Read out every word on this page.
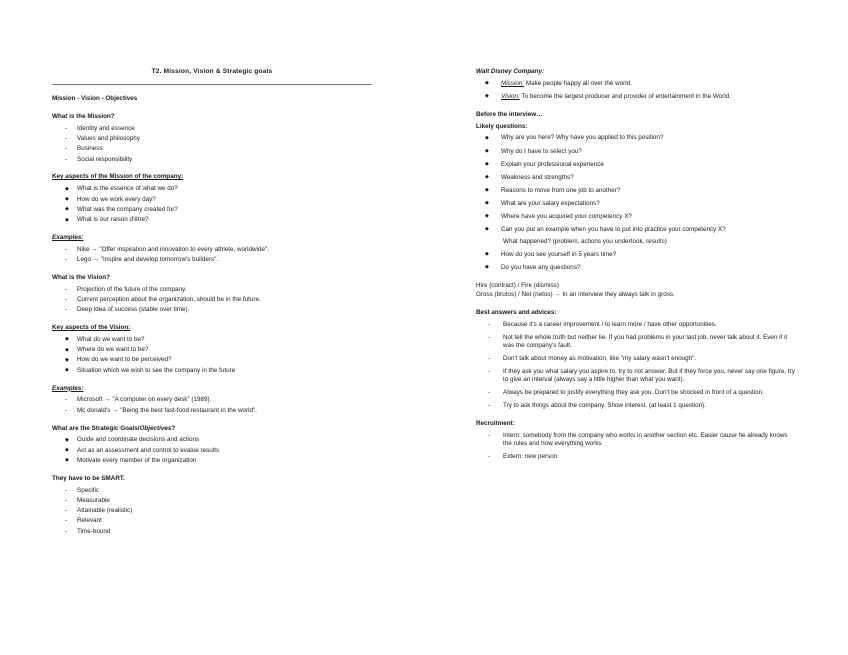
T2. Mission, Vision & Strategic goals
Mission - Vision - Objectives
What is the Mission?
- Identity and essence
- Values and philosophy
- Business
- Social responsibility
Key aspects of the Mission of the company:
◆ What is the essence of what we do?
◆ How do we work every day?
◆ What was the company created for?
◆ What is our raison d'être?
Examples:
- Nike → "Offer inspiration and innovation to every athlete, worldwide".
- Lego → "Inspire and develop tomorrow's builders".
What is the Vision?
- Projection of the future of the company.
- Current perception about the organization, should be in the future.
- Deep idea of success (stable over time).
Key aspects of the Vision:
◆ What do we want to be?
◆ Where do we want to be?
◆ How do we want to be perceived?
◆ Situation which we wish to see the company in the future
Examples:
- Microsoft → "A computer on every desk" (1989).
- Mc donald's → "Being the best fast-food restaurant in the world".
What are the Strategic Goals/Objectives?
◆ Guide and coordinate decisions and actions
◆ Act as an assessment and control to evalue results
◆ Motivate every member of the organization
They have to be SMART.
- Specific
- Measurable
- Attainable (realistic)
- Relevant
- Time-bound
Walt Disney Company:
◆ Mission: Make people happy all over the world.
◆ Vision: To become the largest producer and provider of entertainment in the World.
Before the interview…
Likely questions:
◆ Why are you here? Why have you applied to this position?
◆ Why do I have to select you?
◆ Explain your professional experience
◆ Weakness and strengths?
◆ Reasons to move from one job to another?
◆ What are your salary expectations?
◆ Where have you acquired your competency X?
◆ Can you put an example when you have to put into practice your competency X?
What happened? (problem, actions you undertook, results)
◆ How do you see yourself in 5 years time?
◆ Do you have any questions?
Hire (contract) / Fire (dismiss)
Gross (brutos) / Net (netos) → In an interview they always talk in gross.
Best answers and advices:
- Because it's a career improvement / to learn more / have other opportunities.
- Not tell the whole truth but neither lie. If you had problems in your last job, never talk about it. Even if it was the company's fault.
- Don't talk about money as motivation, like "my salary wasn't enough".
- If they ask you what salary you aspire to, try to not answer. But if they force you, never say one figure, try to give an interval (always say a little higher than what you want).
- Always be prepared to justify everything they ask you. Don't be shocked in front of a question.
- Try to ask things about the company. Show interest. (at least 1 question).
Recruitment:
- Intern: somebody from the company who works in another section etc. Easier cause he already knows the rules and how everything works
- Extern: new person.
